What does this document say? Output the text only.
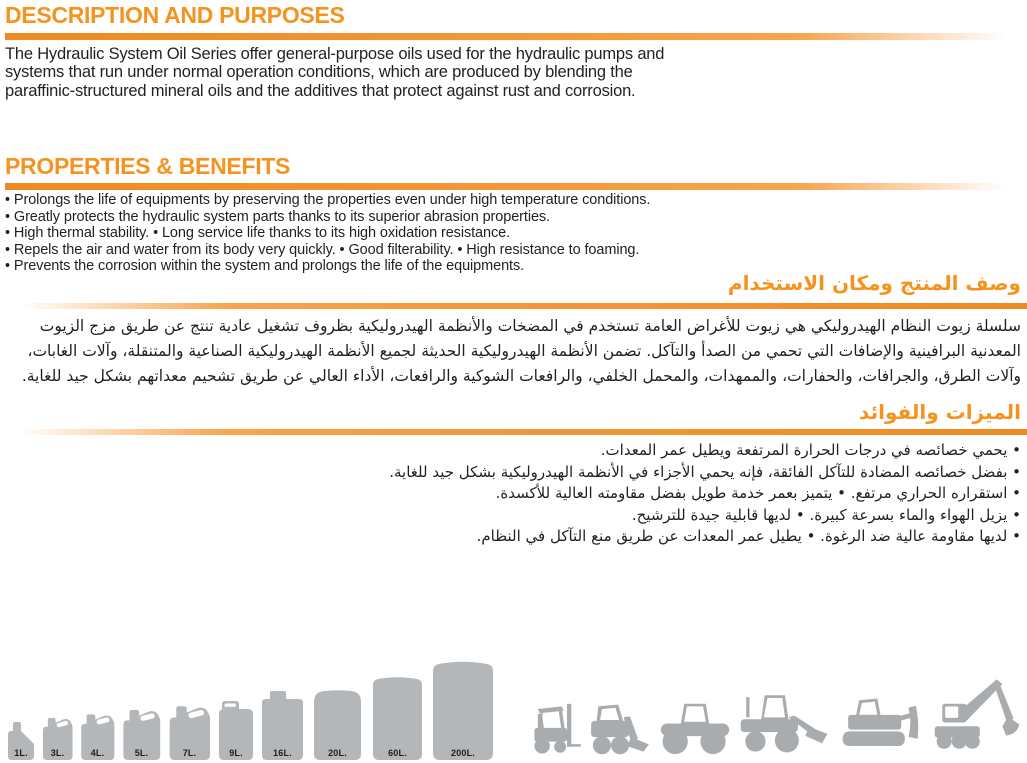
DESCRIPTION AND PURPOSES
The Hydraulic System Oil Series offer general-purpose oils used for the hydraulic pumps and
systems that run under normal operation conditions, which are produced by blending the
paraffinic-structured mineral oils and the additives that protect against rust and corrosion.
PROPERTIES & BENEFITS
• Prolongs the life of equipments by preserving the properties even under high temperature conditions.
• Greatly protects the hydraulic system parts thanks to its superior abrasion properties.
• High thermal stability. • Long service life thanks to its high oxidation resistance.
• Repels the air and water from its body very quickly. • Good filterability. • High resistance to foaming.
• Prevents the corrosion within the system and prolongs the life of the equipments.
وصف المنتج ومكان الاستخدام
سلسلة زيوت النظام الهيدروليكي هي زيوت للأغراض العامة تستخدم في المضخات والأنظمة الهيدروليكية بظروف تشغيل عادية تنتج عن طريق مزج الزيوت
المعدنية البرافينية والإضافات التي تحمي من الصدأ والتآكل. تضمن الأنظمة الهيدروليكية الحديثة لجميع الأنظمة الهيدروليكية الصناعية والمتنقلة، وآلات الغابات،
وآلات الطرق، والجرافات، والحفارات، والممهدات، والمحمل الخلفي، والرافعات الشوكية والرافعات، الأداء العالي عن طريق تشحيم معداتهم بشكل جيد للغاية.
الميزات والفوائد
• يحمي خصائصه في درجات الحرارة المرتفعة ويطيل عمر المعدات.
• بفضل خصائصه المضادة للتآكل الفائقة، فإنه يحمي الأجزاء في الأنظمة الهيدروليكية بشكل جيد للغاية.
• استقراره الحراري مرتفع. • يتميز بعمر خدمة طويل بفضل مقاومته العالية للأكسدة.
• يزيل الهواء والماء بسرعة كبيرة. • لديها قابلية جيدة للترشيح.
• لديها مقاومة عالية ضد الرغوة. • يطيل عمر المعدات عن طريق منع التآكل في النظام.
1L.	3L.	4L.	5L.	7L.	9L.	16L.	20L.	60L.	200L.
